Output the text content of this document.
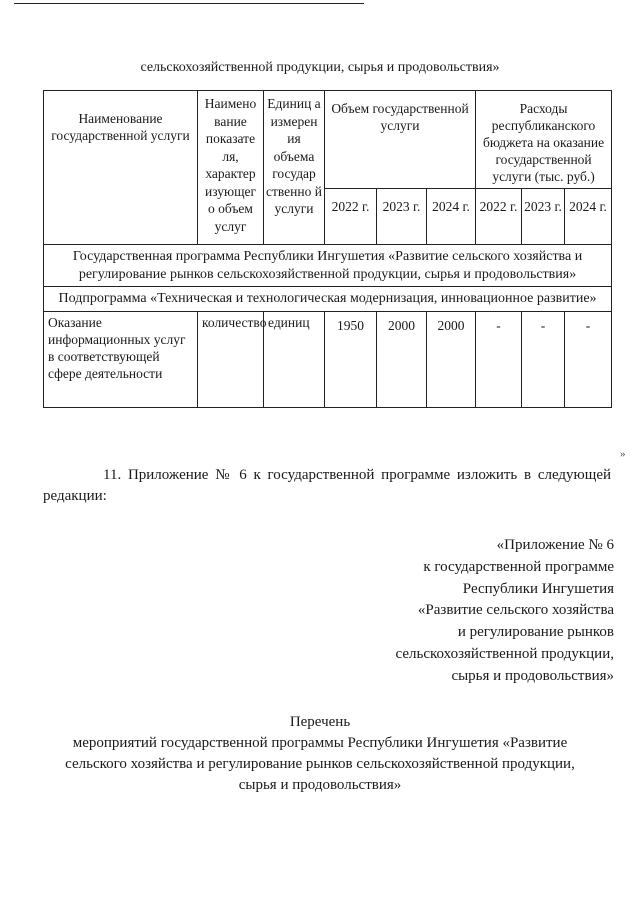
сельскохозяйственной продукции, сырья и продовольствия»
Наименование государственной услуги	Наимено вание показате ля, характер изующег о объем услуг	Единиц а измерен ия объема государ ственно й услуги	Объем государственной услуги			Расходы республиканского бюджета на оказание государственной услуги (тыс. руб.)		
			2022 г.	2023 г.	2024 г.	2022 г.	2023 г.	2024 г.
Государственная программа Республики Ингушетия «Развитие сельского хозяйства и регулирование рынков сельскохозяйственной продукции, сырья и продовольствия»								
Подпрограмма «Техническая и технологическая модернизация, инновационное развитие»								
Оказание информационных услуг в соответствующей сфере деятельности	количество	единиц	1950	2000	2000	-	-	-
»
11. Приложение № 6 к государственной программе изложить в следующей редакции:
«Приложение № 6
к государственной программе
Республики Ингушетия
«Развитие сельского хозяйства
и регулирование рынков
сельскохозяйственной продукции,
сырья и продовольствия»
Перечень
мероприятий государственной программы Республики Ингушетия «Развитие
сельского хозяйства и регулирование рынков сельскохозяйственной продукции,
сырья и продовольствия»
